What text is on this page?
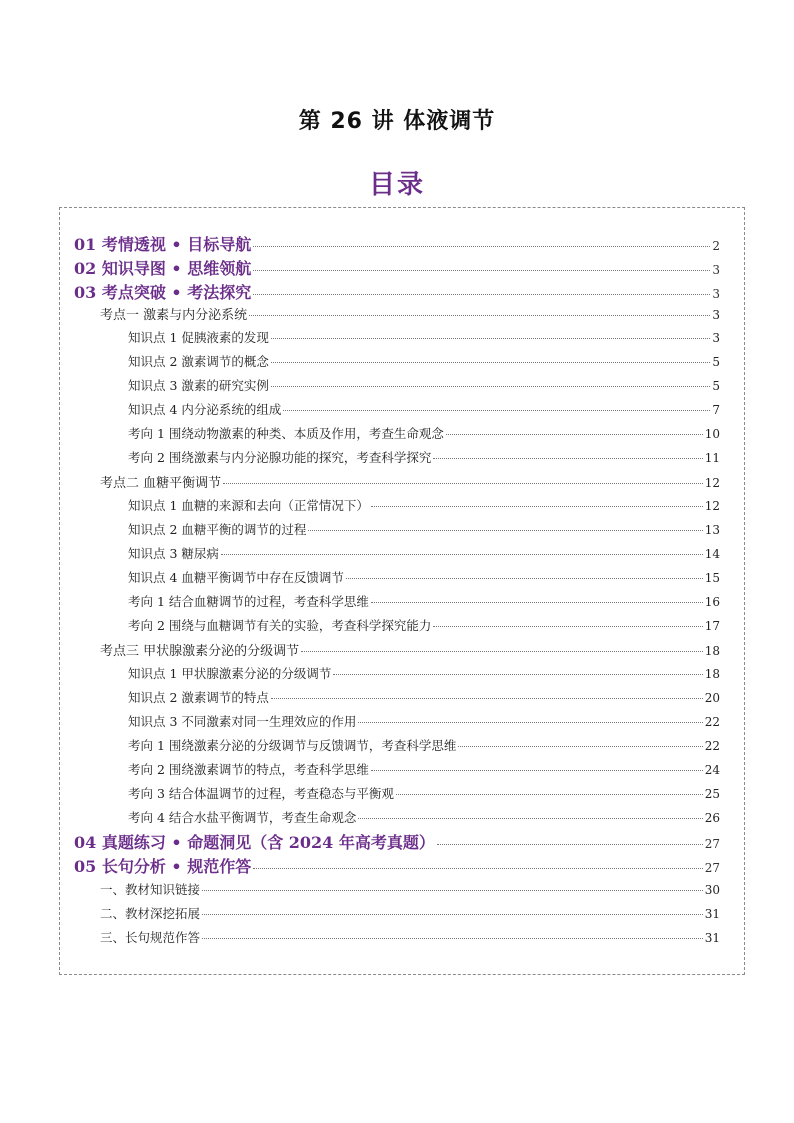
第 26 讲 体液调节
目录
01 考情透视 • 目标导航	2
02 知识导图 • 思维领航	3
03 考点突破 • 考法探究	3
考点一 激素与内分泌系统	3
知识点 1 促胰液素的发现	3
知识点 2 激素调节的概念	5
知识点 3 激素的研究实例	5
知识点 4 内分泌系统的组成	7
考向 1 围绕动物激素的种类、本质及作用，考查生命观念	10
考向 2 围绕激素与内分泌腺功能的探究，考查科学探究	11
考点二 血糖平衡调节	12
知识点 1 血糖的来源和去向（正常情况下）	12
知识点 2 血糖平衡的调节的过程	13
知识点 3 糖尿病	14
知识点 4 血糖平衡调节中存在反馈调节	15
考向 1 结合血糖调节的过程，考查科学思维	16
考向 2 围绕与血糖调节有关的实验，考查科学探究能力	17
考点三 甲状腺激素分泌的分级调节	18
知识点 1 甲状腺激素分泌的分级调节	18
知识点 2 激素调节的特点	20
知识点 3 不同激素对同一生理效应的作用	22
考向 1 围绕激素分泌的分级调节与反馈调节，考查科学思维	22
考向 2 围绕激素调节的特点，考查科学思维	24
考向 3 结合体温调节的过程，考查稳态与平衡观	25
考向 4 结合水盐平衡调节，考查生命观念	26
04 真题练习 • 命题洞见（含 2024 年高考真题）	27
05 长句分析 • 规范作答	27
一、教材知识链接	30
二、教材深挖拓展	31
三、长句规范作答	31
